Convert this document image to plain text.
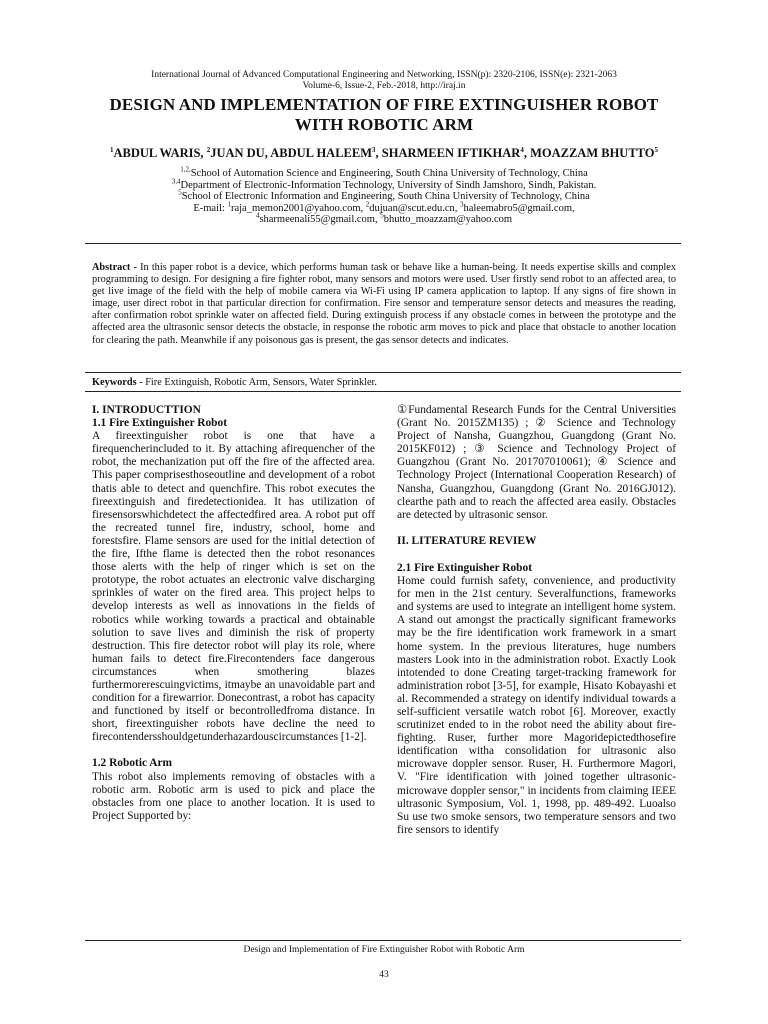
International Journal of Advanced Computational Engineering and Networking, ISSN(p): 2320-2106, ISSN(e): 2321-2063
Volume-6, Issue-2, Feb.-2018, http://iraj.in
DESIGN AND IMPLEMENTATION OF FIRE EXTINGUISHER ROBOT
WITH ROBOTIC ARM
$^1$ABDUL WARIS, $^2$JUAN DU, ABDUL HALEEM$^3$, SHARMEEN IFTIKHAR$^4$, MOAZZAM BHUTTO$^5$
$^{1,2,}$School of Automation Science and Engineering, South China University of Technology, China
$^{3,4}$Department of Electronic-Information Technology, University of Sindh Jamshoro, Sindh, Pakistan.
$^5$School of Electronic Information and Engineering, South China University of Technology, China
E-mail: $^1$raja_memon2001@yahoo.com, $^2$dujuan@scut.edu.cn, $^3$haleemabro5@gmail.com,
$^4$sharmeenali55@gmail.com, $^5$bhutto_moazzam@yahoo.com
Abstract - In this paper robot is a device, which performs human task or behave like a human-being. It needs expertise skills and complex programming to design. For designing a fire fighter robot, many sensors and motors were used. User firstly send robot to an affected area, to get live image of the field with the help of mobile camera via Wi-Fi using IP camera application to laptop. If any signs of fire shown in image, user direct robot in that particular direction for confirmation. Fire sensor and temperature sensor detects and measures the reading, after confirmation robot sprinkle water on affected field. During extinguish process if any obstacle comes in between the prototype and the affected area the ultrasonic sensor detects the obstacle, in response the robotic arm moves to pick and place that obstacle to another location for clearing the path. Meanwhile if any poisonous gas is present, the gas sensor detects and indicates.
Keywords - Fire Extinguish, Robotic Arm, Sensors, Water Sprinkler.

I. INTRODUCTTION

1.1 Fire Extinguisher Robot

A fireextinguisher robot is one that have a firequencherincluded to it. By attaching afirequencher of the robot, the mechanization put off the fire of the affected area. This paper comprisesthoseoutline and development of a robot thatis able to detect and quenchfire. This robot executes the fireextinguish and firedetectionidea. It has utilization of firesensorswhichdetect the affectedfired area. A robot put off the recreated tunnel fire, industry, school, home and forestsfire. Flame sensors are used for the initial detection of the fire, Ifthe flame is detected then the robot resonances those alerts with the help of ringer which is set on the prototype, the robot actuates an electronic valve discharging sprinkles of water on the fired area. This project helps to develop interests as well as innovations in the fields of robotics while working towards a practical and obtainable solution to save lives and diminish the risk of property destruction. This fire detector robot will play its role, where human fails to detect fire.Firecontenders face dangerous circumstances when smothering blazes furthermorerescuingvictims, itmaybe an unavoidable part and condition for a firewarrior. Donecontrast, a robot has capacity and functioned by itself or becontrolledfroma distance. In short, fireextinguisher robots have decline the need to firecontendersshouldgetunderhazardouscircumstances [1-2].

1.2 Robotic Arm

This robot also implements removing of obstacles with a robotic arm. Robotic arm is used to pick and place the obstacles from one place to another location. It is used to Project Supported by:

①Fundamental Research Funds for the Central Universities (Grant No. 2015ZM135) ; ② Science and Technology Project of Nansha, Guangzhou, Guangdong (Grant No. 2015KF012) ; ③ Science and Technology Project of Guangzhou (Grant No. 201707010061); ④ Science and Technology Project (International Cooperation Research) of Nansha, Guangzhou, Guangdong (Grant No. 2016GJ012). clearthe path and to reach the affected area easily. Obstacles are detected by ultrasonic sensor.

II. LITERATURE REVIEW

2.1 Fire Extinguisher Robot

Home could furnish safety, convenience, and productivity for men in the 21st century. Severalfunctions, frameworks and systems are used to integrate an intelligent home system. A stand out amongst the practically significant frameworks may be the fire identification work framework in a smart home system. In the previous literatures, huge numbers masters Look into in the administration robot. Exactly Look intotended to done Creating target-tracking framework for administration robot [3-5], for example, Hisato Kobayashi et al. Recommended a strategy on identify individual towards a self-sufficient versatile watch robot [6]. Moreover, exactly scrutinizet ended to in the robot need the ability about fire-fighting. Ruser, further more Magoridepictedthosefire identification witha consolidation for ultrasonic also microwave doppler sensor. Ruser, H. Furthermore Magori, V. "Fire identification with joined together ultrasonic-microwave doppler sensor," in incidents from claiming IEEE ultrasonic Symposium, Vol. 1, 1998, pp. 489-492. Luoalso Su use two smoke sensors, two temperature sensors and two fire sensors to identify

Design and Implementation of Fire Extinguisher Robot with Robotic Arm
43
